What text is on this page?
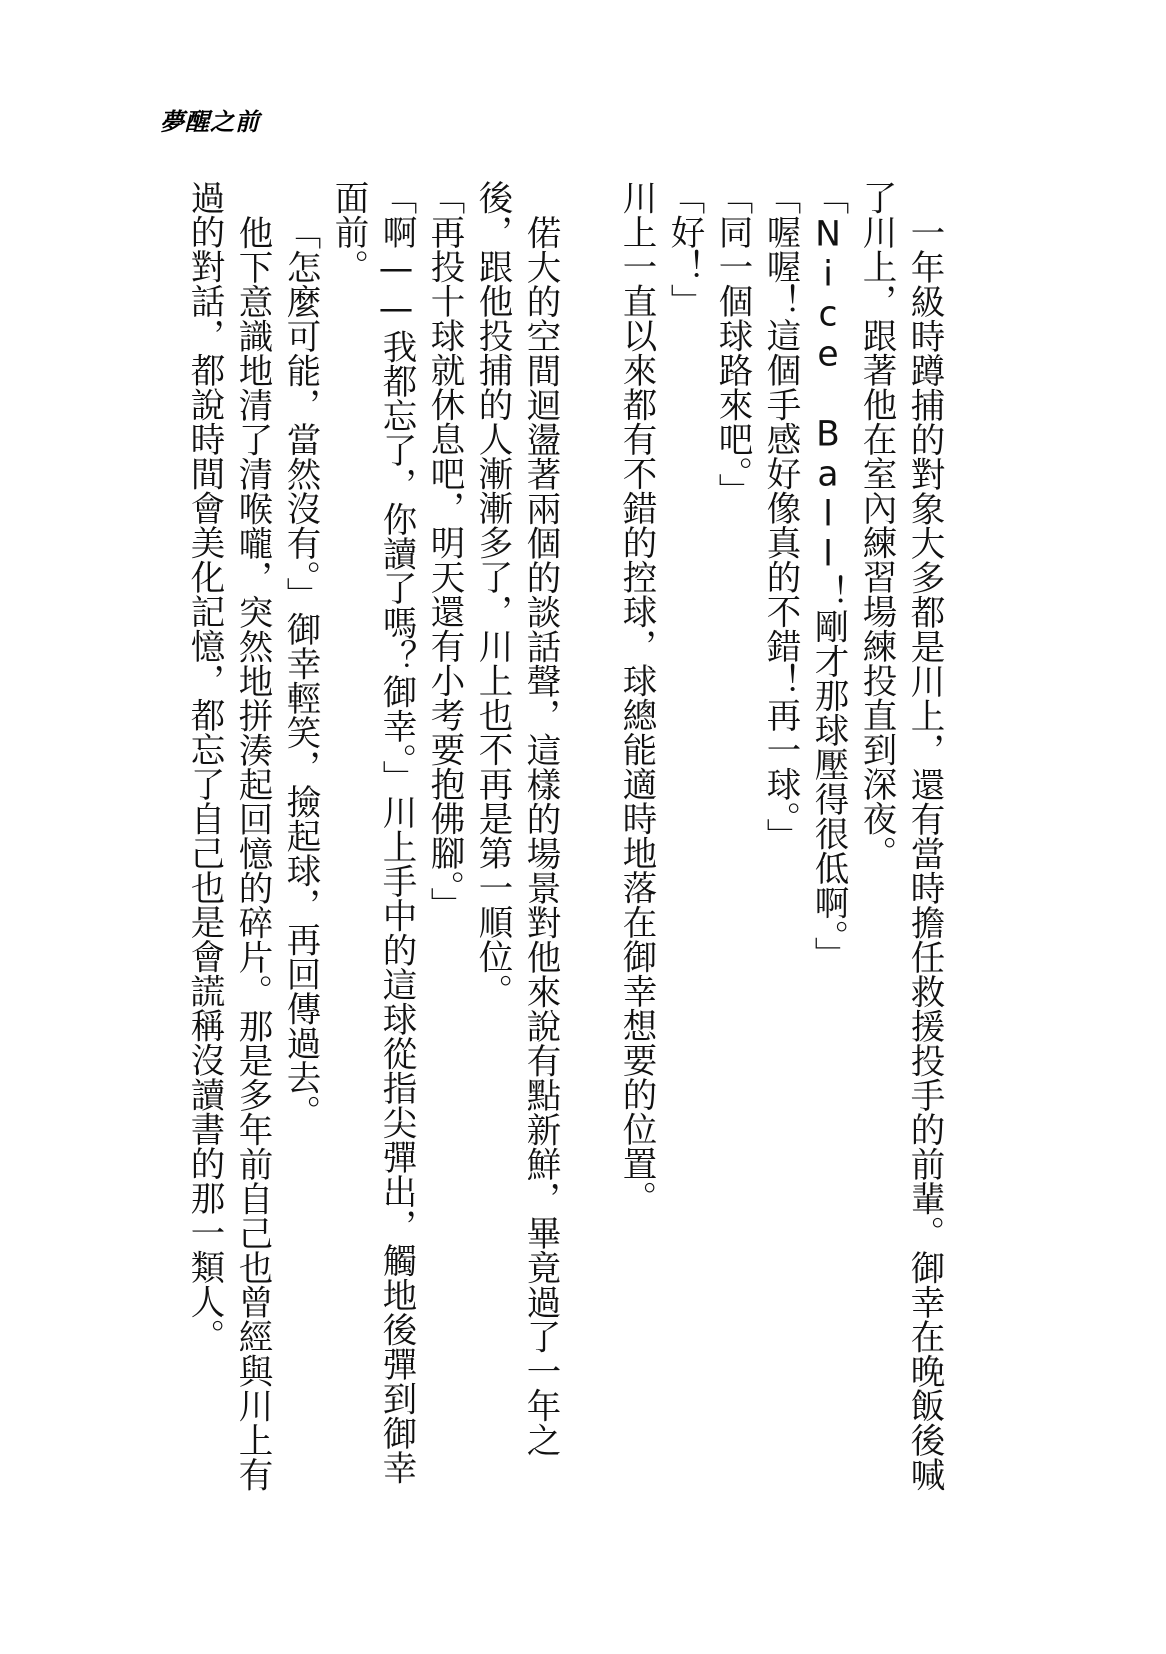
夢醒之前

一年級時蹲捕的對象大多都是川上，還有當時擔任救援投手的前輩。御幸在晚飯後喊了川上，跟著他在室內練習場練投直到深夜。

「Nice Ball！剛才那球壓得很低啊。」

「喔喔！這個手感好像真的不錯！再一球。」

「同一個球路來吧。」

「好！」

川上一直以來都有不錯的控球，球總能適時地落在御幸想要的位置。

偌大的空間迴盪著兩個的談話聲，這樣的場景對他來說有點新鮮，畢竟過了一年之後，跟他投捕的人漸漸多了，川上也不再是第一順位。

「再投十球就休息吧，明天還有小考要抱佛腳。」

「啊——我都忘了，你讀了嗎？御幸。」川上手中的這球從指尖彈出，觸地後彈到御幸面前。

「怎麼可能，當然沒有。」御幸輕笑，撿起球，再回傳過去。

他下意識地清了清喉嚨，突然地拼湊起回憶的碎片。那是多年前自己也曾經與川上有過的對話，都說時間會美化記憶，都忘了自己也是會謊稱沒讀書的那一類人。
